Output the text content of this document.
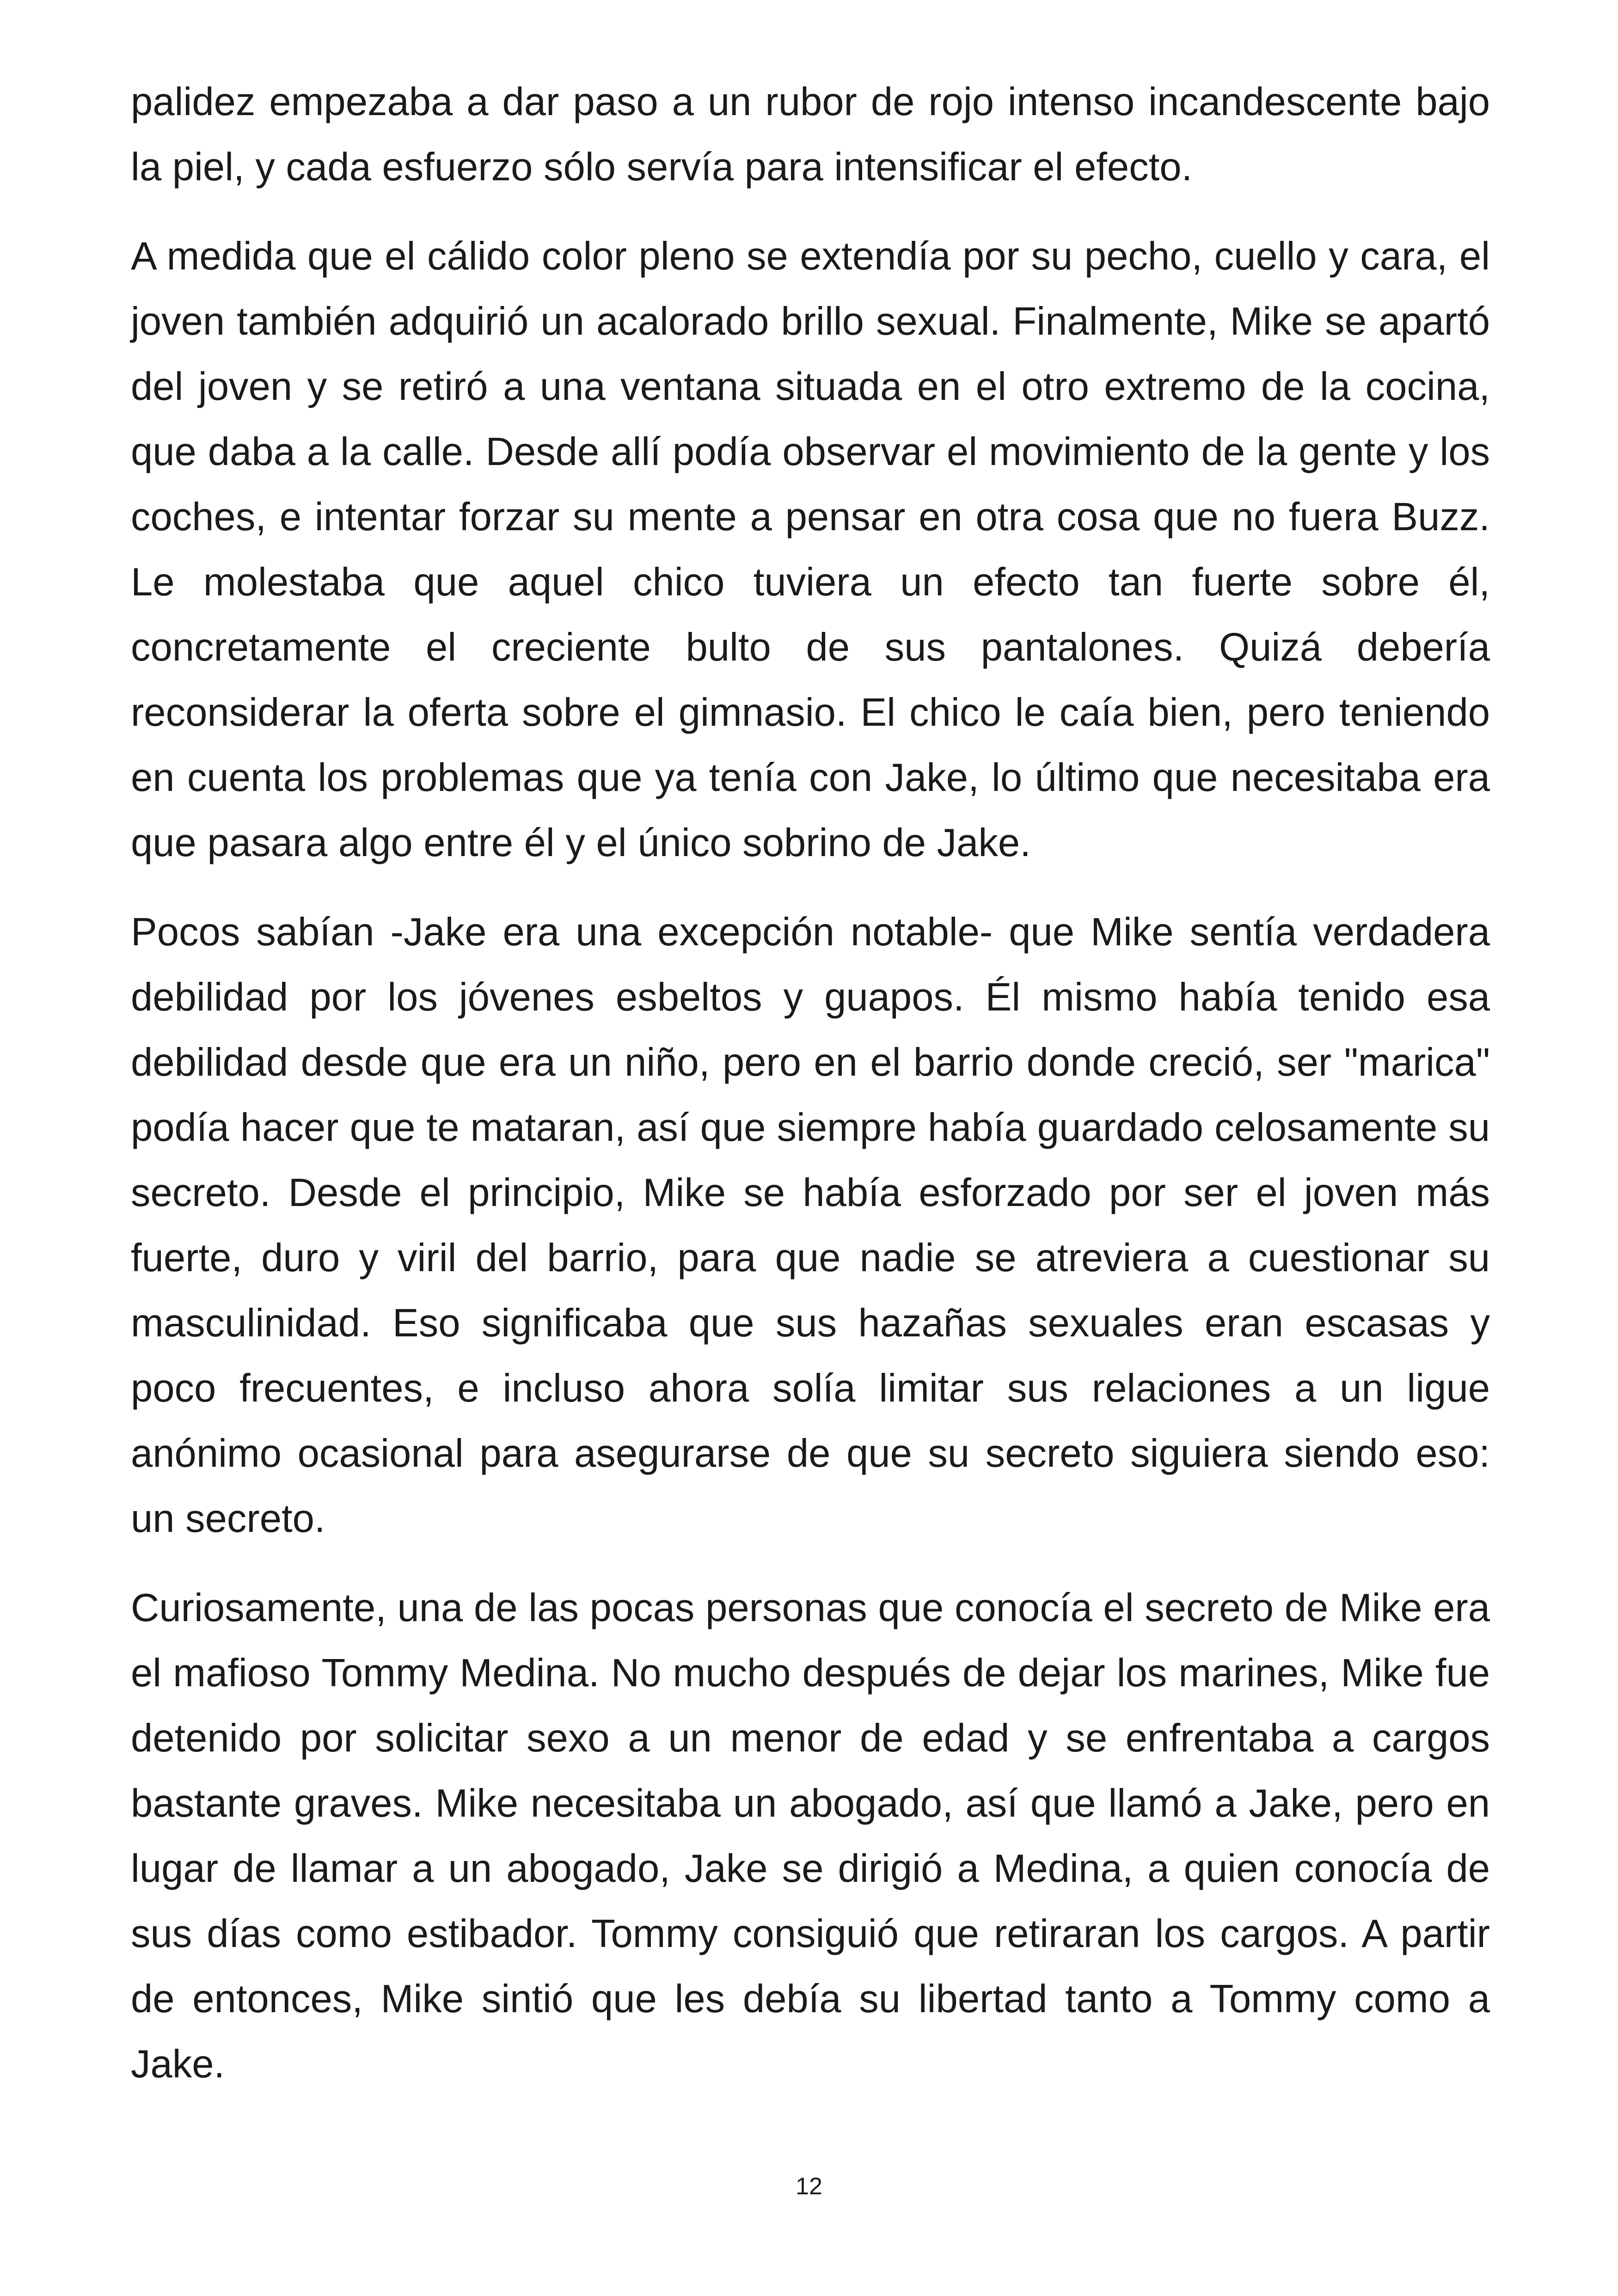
palidez empezaba a dar paso a un rubor de rojo intenso incandescente bajo la piel, y cada esfuerzo sólo servía para intensificar el efecto.

A medida que el cálido color pleno se extendía por su pecho, cuello y cara, el joven también adquirió un acalorado brillo sexual. Finalmente, Mike se apartó del joven y se retiró a una ventana situada en el otro extremo de la cocina, que daba a la calle. Desde allí podía observar el movimiento de la gente y los coches, e intentar forzar su mente a pensar en otra cosa que no fuera Buzz. Le molestaba que aquel chico tuviera un efecto tan fuerte sobre él, concretamente el creciente bulto de sus pantalones. Quizá debería reconsiderar la oferta sobre el gimnasio. El chico le caía bien, pero teniendo en cuenta los problemas que ya tenía con Jake, lo último que necesitaba era que pasara algo entre él y el único sobrino de Jake.

Pocos sabían -Jake era una excepción notable- que Mike sentía verdadera debilidad por los jóvenes esbeltos y guapos. Él mismo había tenido esa debilidad desde que era un niño, pero en el barrio donde creció, ser "marica" podía hacer que te mataran, así que siempre había guardado celosamente su secreto. Desde el principio, Mike se había esforzado por ser el joven más fuerte, duro y viril del barrio, para que nadie se atreviera a cuestionar su masculinidad. Eso significaba que sus hazañas sexuales eran escasas y poco frecuentes, e incluso ahora solía limitar sus relaciones a un ligue anónimo ocasional para asegurarse de que su secreto siguiera siendo eso: un secreto.

Curiosamente, una de las pocas personas que conocía el secreto de Mike era el mafioso Tommy Medina. No mucho después de dejar los marines, Mike fue detenido por solicitar sexo a un menor de edad y se enfrentaba a cargos bastante graves. Mike necesitaba un abogado, así que llamó a Jake, pero en lugar de llamar a un abogado, Jake se dirigió a Medina, a quien conocía de sus días como estibador. Tommy consiguió que retiraran los cargos. A partir de entonces, Mike sintió que les debía su libertad tanto a Tommy como a Jake.

12
